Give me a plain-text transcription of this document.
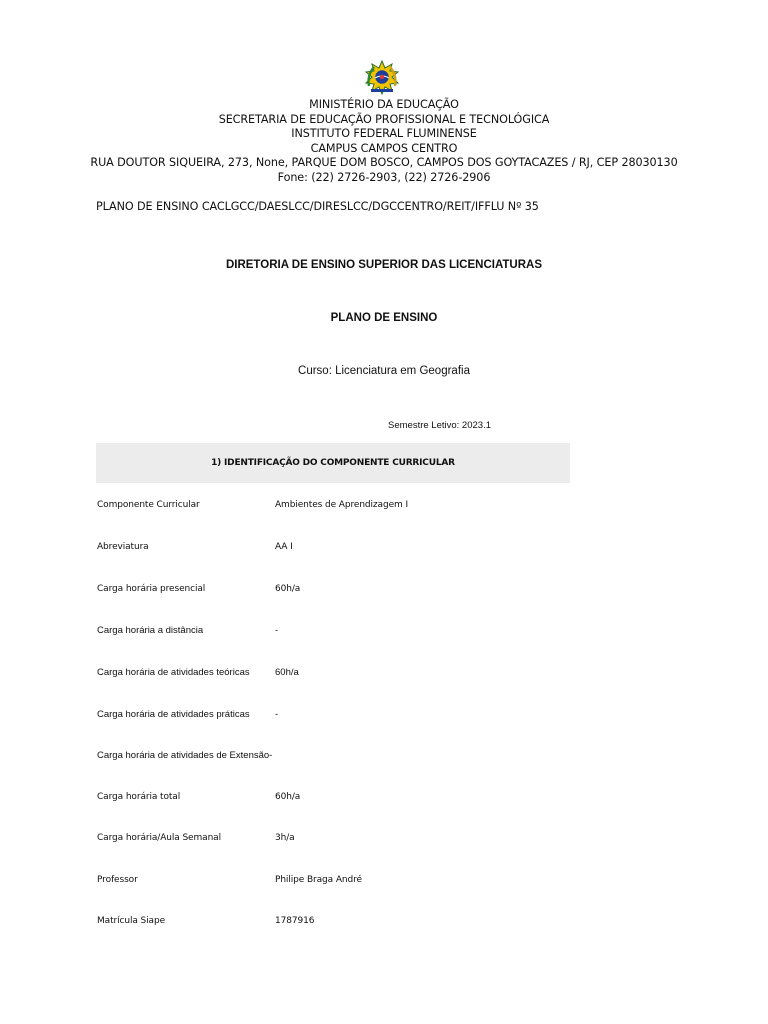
MINISTÉRIO DA EDUCAÇÃO
SECRETARIA DE EDUCAÇÃO PROFISSIONAL E TECNOLÓGICA
INSTITUTO FEDERAL FLUMINENSE
CAMPUS CAMPOS CENTRO
RUA DOUTOR SIQUEIRA, 273, None, PARQUE DOM BOSCO, CAMPOS DOS GOYTACAZES / RJ, CEP 28030130
Fone: (22) 2726-2903, (22) 2726-2906
PLANO DE ENSINO CACLGCC/DAESLCC/DIRESLCC/DGCCENTRO/REIT/IFFLU Nº 35
DIRETORIA DE ENSINO SUPERIOR DAS LICENCIATURAS
PLANO DE ENSINO
Curso: Licenciatura em Geografia
Semestre Letivo: 2023.1
1) IDENTIFICAÇÃO DO COMPONENTE CURRICULAR
Componente Curricular	Ambientes de Aprendizagem I
Abreviatura	AA I
Carga horária presencial	60h/a
Carga horária a distância	-
Carga horária de atividades teóricas	60h/a
Carga horária de atividades práticas	-
Carga horária de atividades de Extensão -
Carga horária total	60h/a
Carga horária/Aula Semanal	3h/a
Professor	Philipe Braga André
Matrícula Siape	1787916
